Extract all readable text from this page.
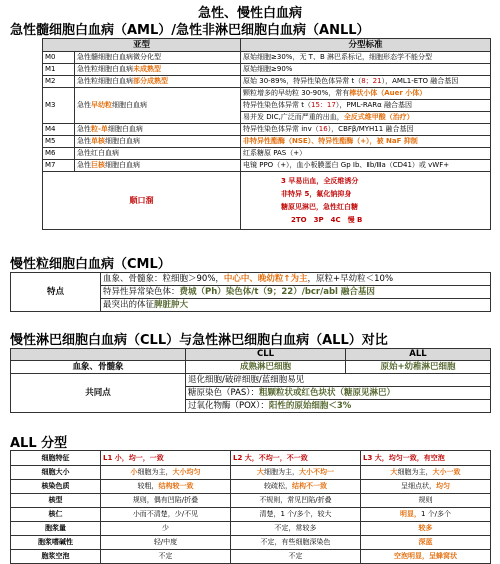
急性、慢性白血病
急性髓细胞白血病（AML）/急性非淋巴细胞白血病（ANLL）
亚型		分型标准
M0	急性髓细胞白血病微分化型	原始细胞≥30%，无 T、B 淋巴系标记，细胞形态学不能分型
M1	急性粒细胞白血病未成熟型	原始细胞≥90%
M2	急性粒细胞白血病部分成熟型	原始 30-89%，特异性染色体异常 t（8；21），AML1-ETO 融合基因
M3	急性早幼粒细胞白血病	颗粒增多的早幼粒 30-90%，常有棒状小体（Auer 小体）
		特异性染色体异常 t（15：17），PML-RARα 融合基因
		易并发 DIC,广泛而严重的出血，全反式维甲酸（治疗）
M4	急性粒-单细胞白血病	特异性染色体异常 inv（16），CBFβ/MYH11 融合基因
M5	急性单核细胞白血病	非特异性酯酶（NSE）、特异性酯酶（+），被 NaF 抑制
M6	急性红白血病	红系糖原 PAS（+）
M7	急性巨核细胞白血病	电镜 PPO（+），血小板膜蛋白 Gp Ⅰb、Ⅱb/Ⅲa（CD41）或 vWF+
顺口溜		3 早易出血，全反维诱分
非特异 5，氟化钠抑身
糖原见淋巴，急性红白糖
2TO　3P　4C　慢 B
慢性粒细胞白血病（CML）
特点	血象、骨髓象：粒细胞＞90%，中心中、晚幼粒↑为主，原粒+早幼粒＜10%
特异性异常染色体：费城（Ph）染色体/t（9；22）/bcr/abl 融合基因
最突出的体征脾脏肿大
慢性淋巴细胞白血病（CLL）与急性淋巴细胞白血病（ALL）对比
	CLL	ALL
血象、骨髓象	成熟淋巴细胞	原始+幼稚淋巴细胞
共同点	退化细胞/破碎细胞/蓝细胞易见	
	糖原染色（PAS）：粗颗粒状或红色块状（糖原见淋巴）	
	过氧化物酶（POX）：阳性的原始细胞＜3%	
ALL 分型
细胞特征	L1 小，均一，一致	L2 大，不均一，不一致	L3 大，均匀一致，有空泡
细胞大小	小细胞为主，大小均匀	大细胞为主，大小不均一	大细胞为主，大小一致
核染色质	较粗，结构较一致	较疏松，结构不一致	呈细点状，均匀
核型	规则，偶有凹陷/折叠	不规则，常见凹陷/折叠	规则
核仁	小而不清楚，少/不见	清楚，1 个/多个，较大	明显，1 个/多个
胞浆量	少	不定，常较多	较多
胞浆嗜碱性	轻/中度	不定，有些细胞深染色	深蓝
胞浆空泡	不定	不定	空泡明显，呈蜂窝状
